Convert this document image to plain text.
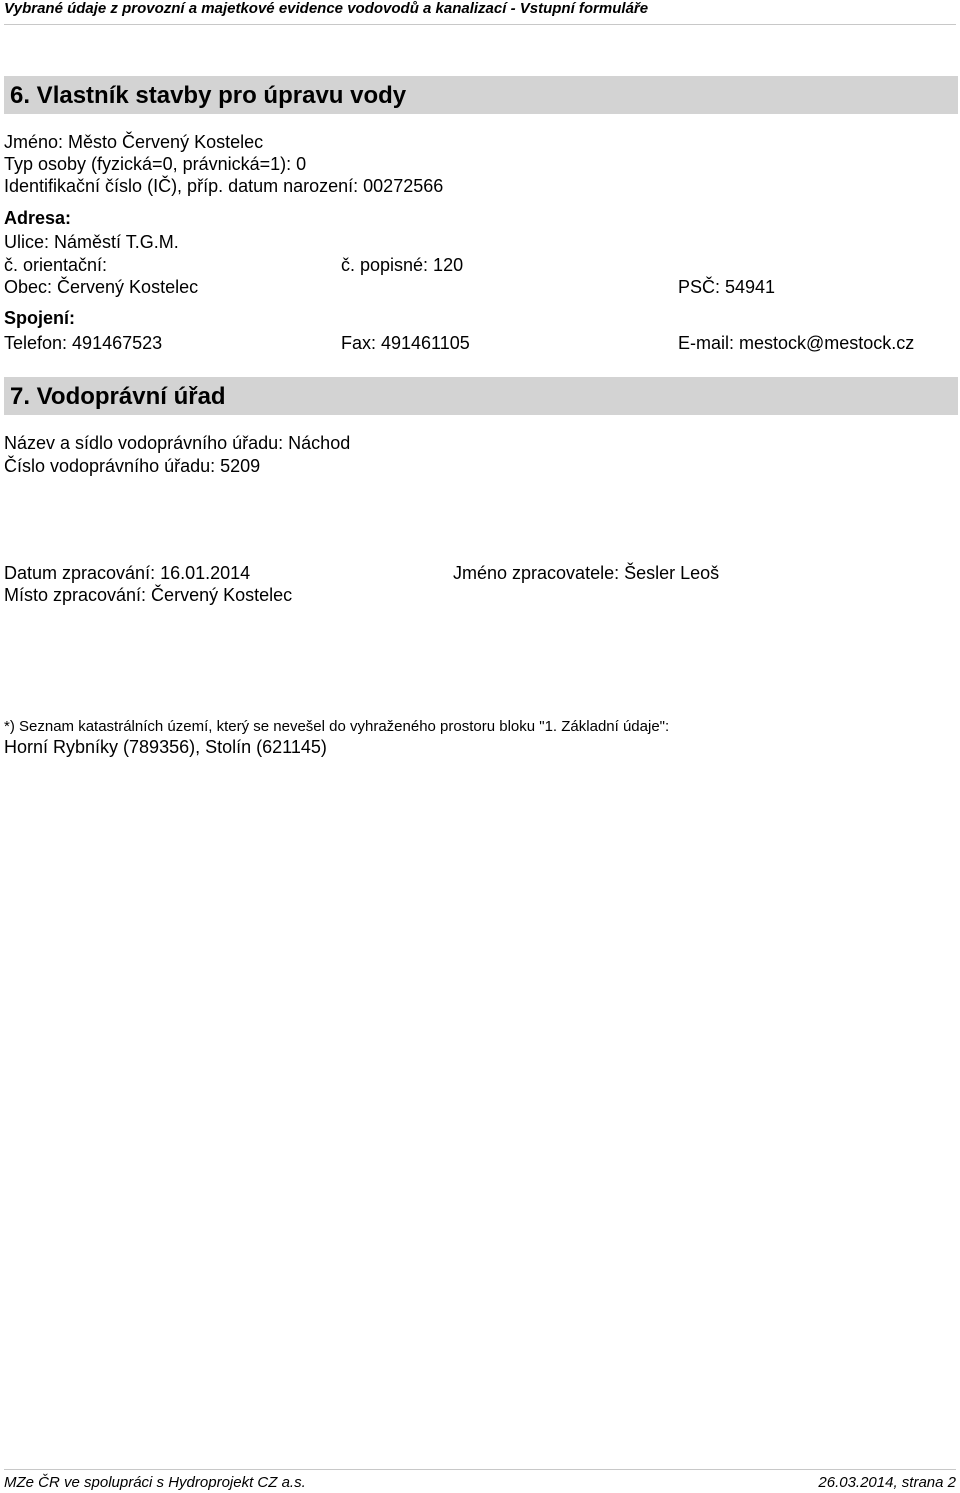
Vybrané údaje z provozní a majetkové evidence vodovodů a kanalizací - Vstupní formuláře
6. Vlastník stavby pro úpravu vody
Jméno: Město Červený Kostelec
Typ osoby (fyzická=0, právnická=1): 0
Identifikační číslo (IČ), příp. datum narození: 00272566
Adresa:
Ulice: Náměstí T.G.M.
č. orientační:	č. popisné: 120
Obec: Červený Kostelec	PSČ: 54941
Spojení:
Telefon: 491467523	Fax: 491461105	E-mail: mestock@mestock.cz
7. Vodoprávní úřad
Název a sídlo vodoprávního úřadu: Náchod
Číslo vodoprávního úřadu: 5209
Datum zpracování: 16.01.2014	Jméno zpracovatele: Šesler Leoš
Místo zpracování: Červený Kostelec
*) Seznam katastrálních území, který se nevešel do vyhraženého prostoru bloku "1. Základní údaje":
Horní Rybníky (789356), Stolín (621145)
MZe ČR ve spolupráci s Hydroprojekt CZ a.s.	26.03.2014, strana 2
